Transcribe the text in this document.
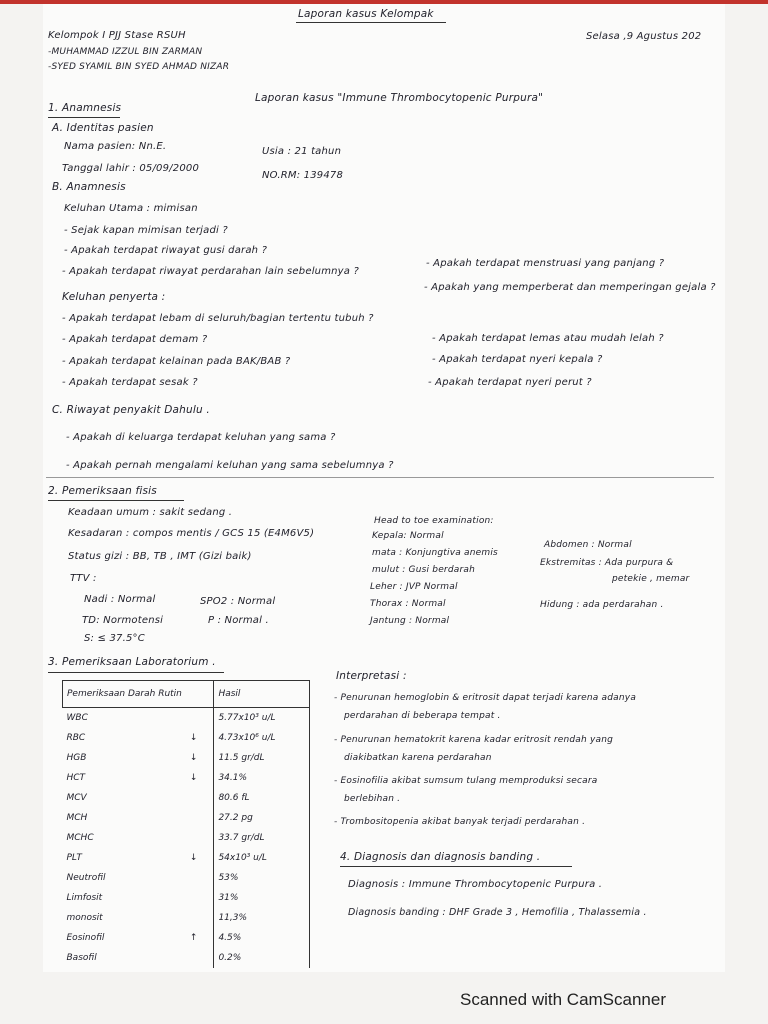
Laporan kasus Kelompak
Selasa ,9 Agustus 202
Kelompok I PJJ Stase RSUH
-MUHAMMAD IZZUL BIN ZARMAN
-SYED SYAMIL BIN SYED AHMAD NIZAR
Laporan kasus "Immune Thrombocytopenic Purpura"
1. Anamnesis
A. Identitas pasien
Nama pasien: Nn.E.	Usia : 21 tahun
Tanggal lahir : 05/09/2000
NO.RM: 139478
B. Anamnesis
Keluhan Utama : mimisan
- Sejak kapan mimisan terjadi ?
- Apakah terdapat riwayat gusi darah ?
- Apakah terdapat riwayat perdarahan lain sebelumnya ?
- Apakah terdapat menstruasi yang panjang ?
- Apakah yang memperberat dan memperingan gejala ?
Keluhan penyerta :
- Apakah terdapat lebam di seluruh/bagian tertentu tubuh ?
- Apakah terdapat demam ?
- Apakah terdapat kelainan pada BAK/BAB ?
- Apakah terdapat sesak ?
- Apakah terdapat lemas atau mudah lelah ?
- Apakah terdapat nyeri kepala ?
- Apakah terdapat nyeri perut ?
C. Riwayat penyakit Dahulu .
- Apakah di keluarga terdapat keluhan yang sama ?
- Apakah pernah mengalami keluhan yang sama sebelumnya ?
2. Pemeriksaan fisis
Keadaan umum : sakit sedang .
Kesadaran : compos mentis / GCS 15 (E4M6V5)
Status gizi : BB, TB , IMT (Gizi baik)
TTV :
Nadi : Normal	SPO2 : Normal
TD: Normotensi	P : Normal .
S: ≤ 37.5°C
Head to toe examination:
Kepala: Normal
mata : Konjungtiva anemis
mulut : Gusi berdarah
Leher : JVP Normal
Thorax : Normal
Jantung : Normal
Abdomen : Normal
Ekstremitas : Ada purpura &
petekie , memar
Hidung : ada perdarahan .
3. Pemeriksaan Laboratorium .
Pemeriksaan Darah Rutin		Hasil
WBC		5.77x10³ u/L
RBC	↓	4.73x10⁶ u/L
HGB	↓	11.5 gr/dL
HCT	↓	34.1%
MCV		80.6 fL
MCH		27.2 pg
MCHC		33.7 gr/dL
PLT	↓	54x10³ u/L
Neutrofil		53%
Limfosit		31%
monosit		11,3%
Eosinofil	↑	4.5%
Basofil		0.2%
Interpretasi :
- Penurunan hemoglobin & eritrosit dapat terjadi karena adanya
perdarahan di beberapa tempat .
- Penurunan hematokrit karena kadar eritrosit rendah yang
diakibatkan karena perdarahan
- Eosinofilia akibat sumsum tulang memproduksi secara
berlebihan .
- Trombositopenia akibat banyak terjadi perdarahan .
4. Diagnosis dan diagnosis banding .
Diagnosis : Immune Thrombocytopenic Purpura .
Diagnosis banding : DHF Grade 3 , Hemofilia , Thalassemia .
Scanned with CamScanner
